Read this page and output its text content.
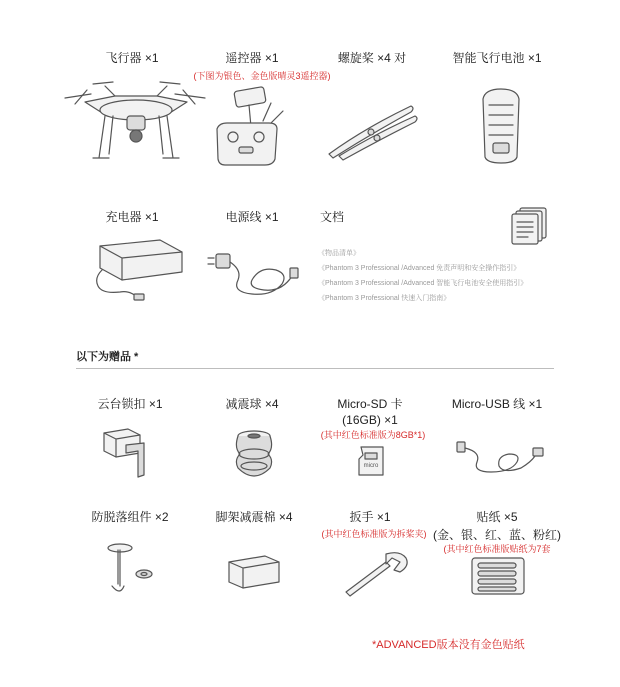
飞行器 ×1	遥控器 ×1
(下图为银色、金色版晴灵3遥控器)
螺旋桨 ×4 对	智能飞行电池 ×1
充电器 ×1	电源线 ×1	文档
《物品清单》
《Phantom 3 Professional /Advanced 免责声明和安全操作指引》
《Phantom 3 Professional /Advanced 智能飞行电池安全使用指引》
《Phantom 3 Professional 快速入门指南》
以下为赠品 *
云台锁扣 ×1	减震球 ×4	Micro-SD 卡
(16GB) ×1
(其中红色标准版为8GB*1)
Micro-USB 线 ×1
micro
防脱落组件 ×2	脚架减震棉 ×4	扳手 ×1
(其中红色标准版为拆桨夹)
贴纸 ×5
(金、银、红、蓝、粉红)
(其中红色标准版贴纸为7套
*ADVANCED版本没有金色贴纸
